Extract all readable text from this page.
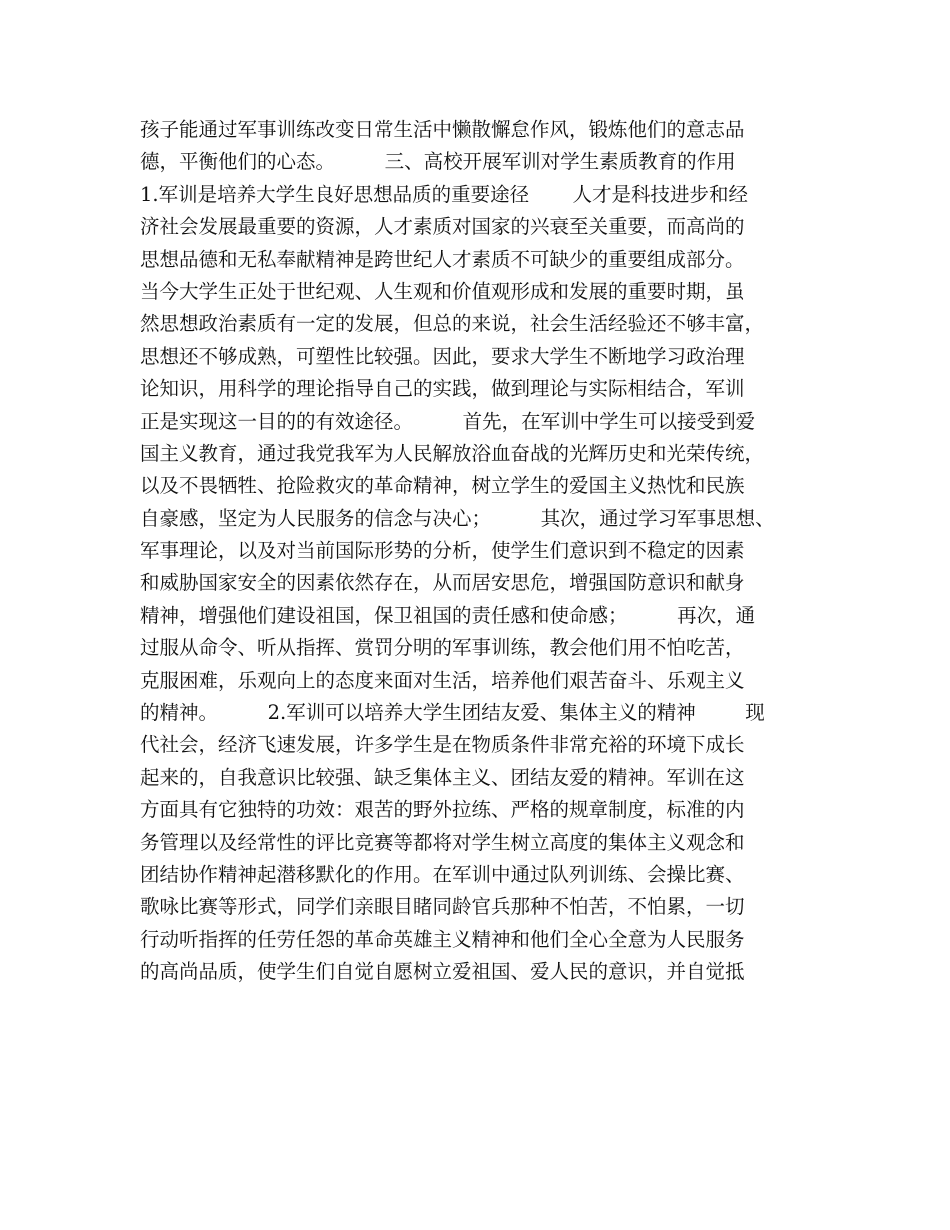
孩子能通过军事训练改变日常生活中懒散懈怠作风，锻炼他们的意志品
德，平衡他们的心态。        三、高校开展军训对学生素质教育的作用
1.军训是培养大学生良好思想品质的重要途径       人才是科技进步和经
济社会发展最重要的资源，人才素质对国家的兴衰至关重要，而高尚的
思想品德和无私奉献精神是跨世纪人才素质不可缺少的重要组成部分。
当今大学生正处于世纪观、人生观和价值观形成和发展的重要时期，虽
然思想政治素质有一定的发展，但总的来说，社会生活经验还不够丰富，
思想还不够成熟，可塑性比较强。因此，要求大学生不断地学习政治理
论知识，用科学的理论指导自己的实践，做到理论与实际相结合，军训
正是实现这一目的的有效途径。        首先，在军训中学生可以接受到爱
国主义教育，通过我党我军为人民解放浴血奋战的光辉历史和光荣传统，
以及不畏牺牲、抢险救灾的革命精神，树立学生的爱国主义热忱和民族
自豪感，坚定为人民服务的信念与决心；        其次，通过学习军事思想、
军事理论，以及对当前国际形势的分析，使学生们意识到不稳定的因素
和威胁国家安全的因素依然存在，从而居安思危，增强国防意识和献身
精神，增强他们建设祖国，保卫祖国的责任感和使命感；        再次，通
过服从命令、听从指挥、赏罚分明的军事训练，教会他们用不怕吃苦，
克服困难，乐观向上的态度来面对生活，培养他们艰苦奋斗、乐观主义
的精神。        2.军训可以培养大学生团结友爱、集体主义的精神        现
代社会，经济飞速发展，许多学生是在物质条件非常充裕的环境下成长
起来的，自我意识比较强、缺乏集体主义、团结友爱的精神。军训在这
方面具有它独特的功效：艰苦的野外拉练、严格的规章制度，标准的内
务管理以及经常性的评比竞赛等都将对学生树立高度的集体主义观念和
团结协作精神起潜移默化的作用。在军训中通过队列训练、会操比赛、
歌咏比赛等形式，同学们亲眼目睹同龄官兵那种不怕苦，不怕累，一切
行动听指挥的任劳任怨的革命英雄主义精神和他们全心全意为人民服务
的高尚品质，使学生们自觉自愿树立爱祖国、爱人民的意识，并自觉抵
